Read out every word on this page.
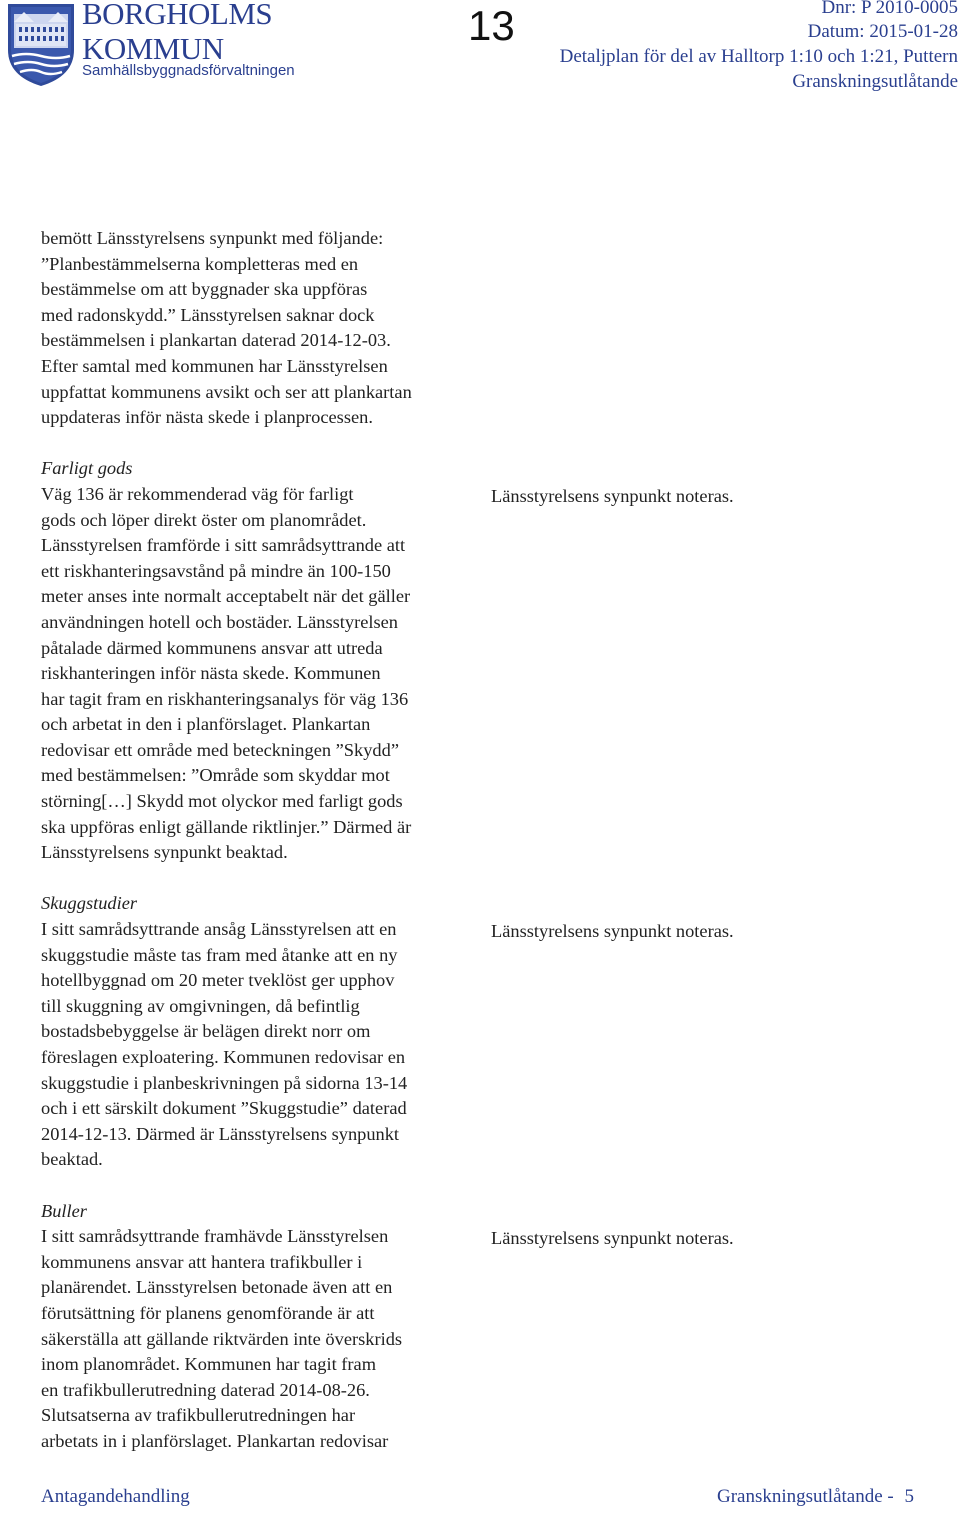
BORGHOLMS
KOMMUN
Samhällsbyggnadsförvaltningen
13	Dnr: P 2010-0005
Datum: 2015-01-28
Detaljplan för del av Halltorp 1:10 och 1:21, Puttern
Granskningsutlåtande

bemött Länsstyrelsens synpunkt med följande:

”Planbestämmelserna kompletteras med en

bestämmelse om att byggnader ska uppföras

med radonskydd.” Länsstyrelsen saknar dock

bestämmelsen i plankartan daterad 2014-12-03.

Efter samtal med kommunen har Länsstyrelsen

uppfattat kommunens avsikt och ser att plankartan

uppdateras inför nästa skede i planprocessen.

Farligt gods

Väg 136 är rekommenderad väg för farligt

gods och löper direkt öster om planområdet.

Länsstyrelsen framförde i sitt samrådsyttrande att

ett riskhanteringsavstånd på mindre än 100-150

meter anses inte normalt acceptabelt när det gäller

användningen hotell och bostäder. Länsstyrelsen

påtalade därmed kommunens ansvar att utreda

riskhanteringen inför nästa skede. Kommunen

har tagit fram en riskhanteringsanalys för väg 136

och arbetat in den i planförslaget. Plankartan

redovisar ett område med beteckningen ”Skydd”

med bestämmelsen: ”Område som skyddar mot

störning[…] Skydd mot olyckor med farligt gods

ska uppföras enligt gällande riktlinjer.” Därmed är

Länsstyrelsens synpunkt beaktad.

Skuggstudier

I sitt samrådsyttrande ansåg Länsstyrelsen att en

skuggstudie måste tas fram med åtanke att en ny

hotellbyggnad om 20 meter tveklöst ger upphov

till skuggning av omgivningen, då befintlig

bostadsbebyggelse är belägen direkt norr om

föreslagen exploatering. Kommunen redovisar en

skuggstudie i planbeskrivningen på sidorna 13-14

och i ett särskilt dokument ”Skuggstudie” daterad

2014-12-13. Därmed är Länsstyrelsens synpunkt

beaktad.

Buller

I sitt samrådsyttrande framhävde Länsstyrelsen

kommunens ansvar att hantera trafikbuller i

planärendet. Länsstyrelsen betonade även att en

förutsättning för planens genomförande är att

säkerställa att gällande riktvärden inte överskrids

inom planområdet. Kommunen har tagit fram

en trafikbullerutredning daterad 2014-08-26.

Slutsatserna av trafikbullerutredningen har

arbetats in i planförslaget. Plankartan redovisar

Länsstyrelsens synpunkt noteras.
Länsstyrelsens synpunkt noteras.
Länsstyrelsens synpunkt noteras.
Antagandehandling	Granskningsutlåtande - 5
